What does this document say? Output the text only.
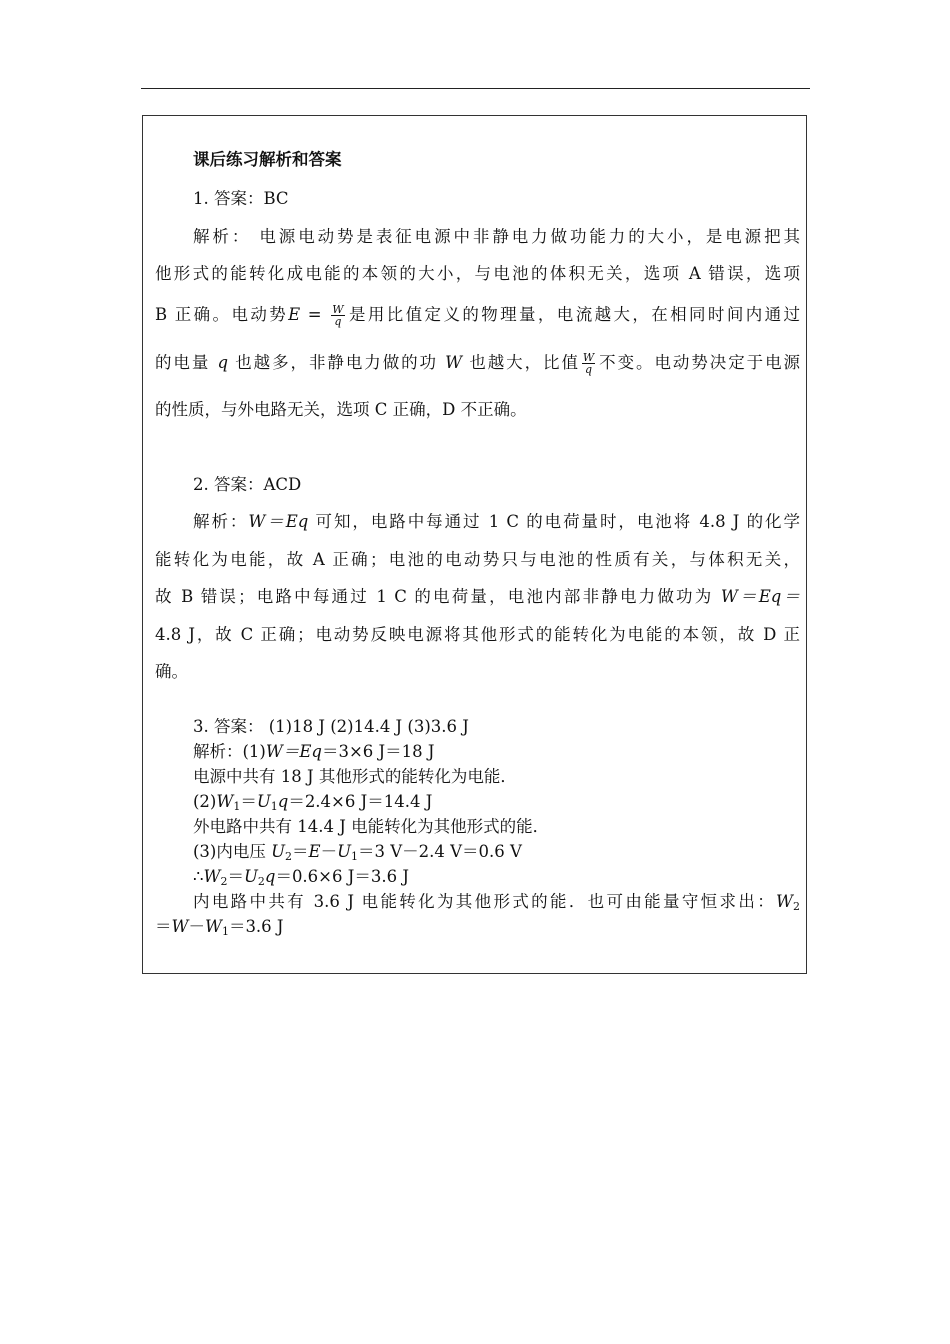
课后练习解析和答案
1. 答案：BC
解析： 电源电动势是表征电源中非静电力做功能力的大小，是电源把其
他形式的能转化成电能的本领的大小，与电池的体积无关，选项 A 错误，选项
B 正确。电动势$E = \frac{W}{q}$ 是用比值定义的物理量，电流越大，在相同时间内通过
的电量 q 也越多，非静电力做的功 W 也越大，比值 $\frac{W}{q}$ 不变。电动势决定于电源
的性质，与外电路无关，选项 C 正确，D 不正确。
2. 答案：ACD
解析：W＝Eq 可知，电路中每通过 1 C 的电荷量时，电池将 4.8 J 的化学
能转化为电能，故 A 正确；电池的电动势只与电池的性质有关，与体积无关，
故 B 错误；电路中每通过 1 C 的电荷量，电池内部非静电力做功为 W＝Eq＝
4.8 J，故 C 正确；电动势反映电源将其他形式的能转化为电能的本领，故 D 正
确。
3. 答案： (1)18 J (2)14.4 J (3)3.6 J
解析：(1)W＝Eq＝3×6 J＝18 J
电源中共有 18 J 其他形式的能转化为电能．
$(2)W_1=U_1q=2.4\times 6$ J＝14.4 J
外电路中共有 14.4 J 电能转化为其他形式的能．
(3)内电压 $U_2=E-U_1=3$ V－2.4 V＝0.6 V
$\therefore W_2=U_2q=0.6\times 6$ J＝3.6 J
内电路中共有 3.6 J 电能转化为其他形式的能．也可由能量守恒求出：$W_2$
$=W-W_1=3.6$ J
